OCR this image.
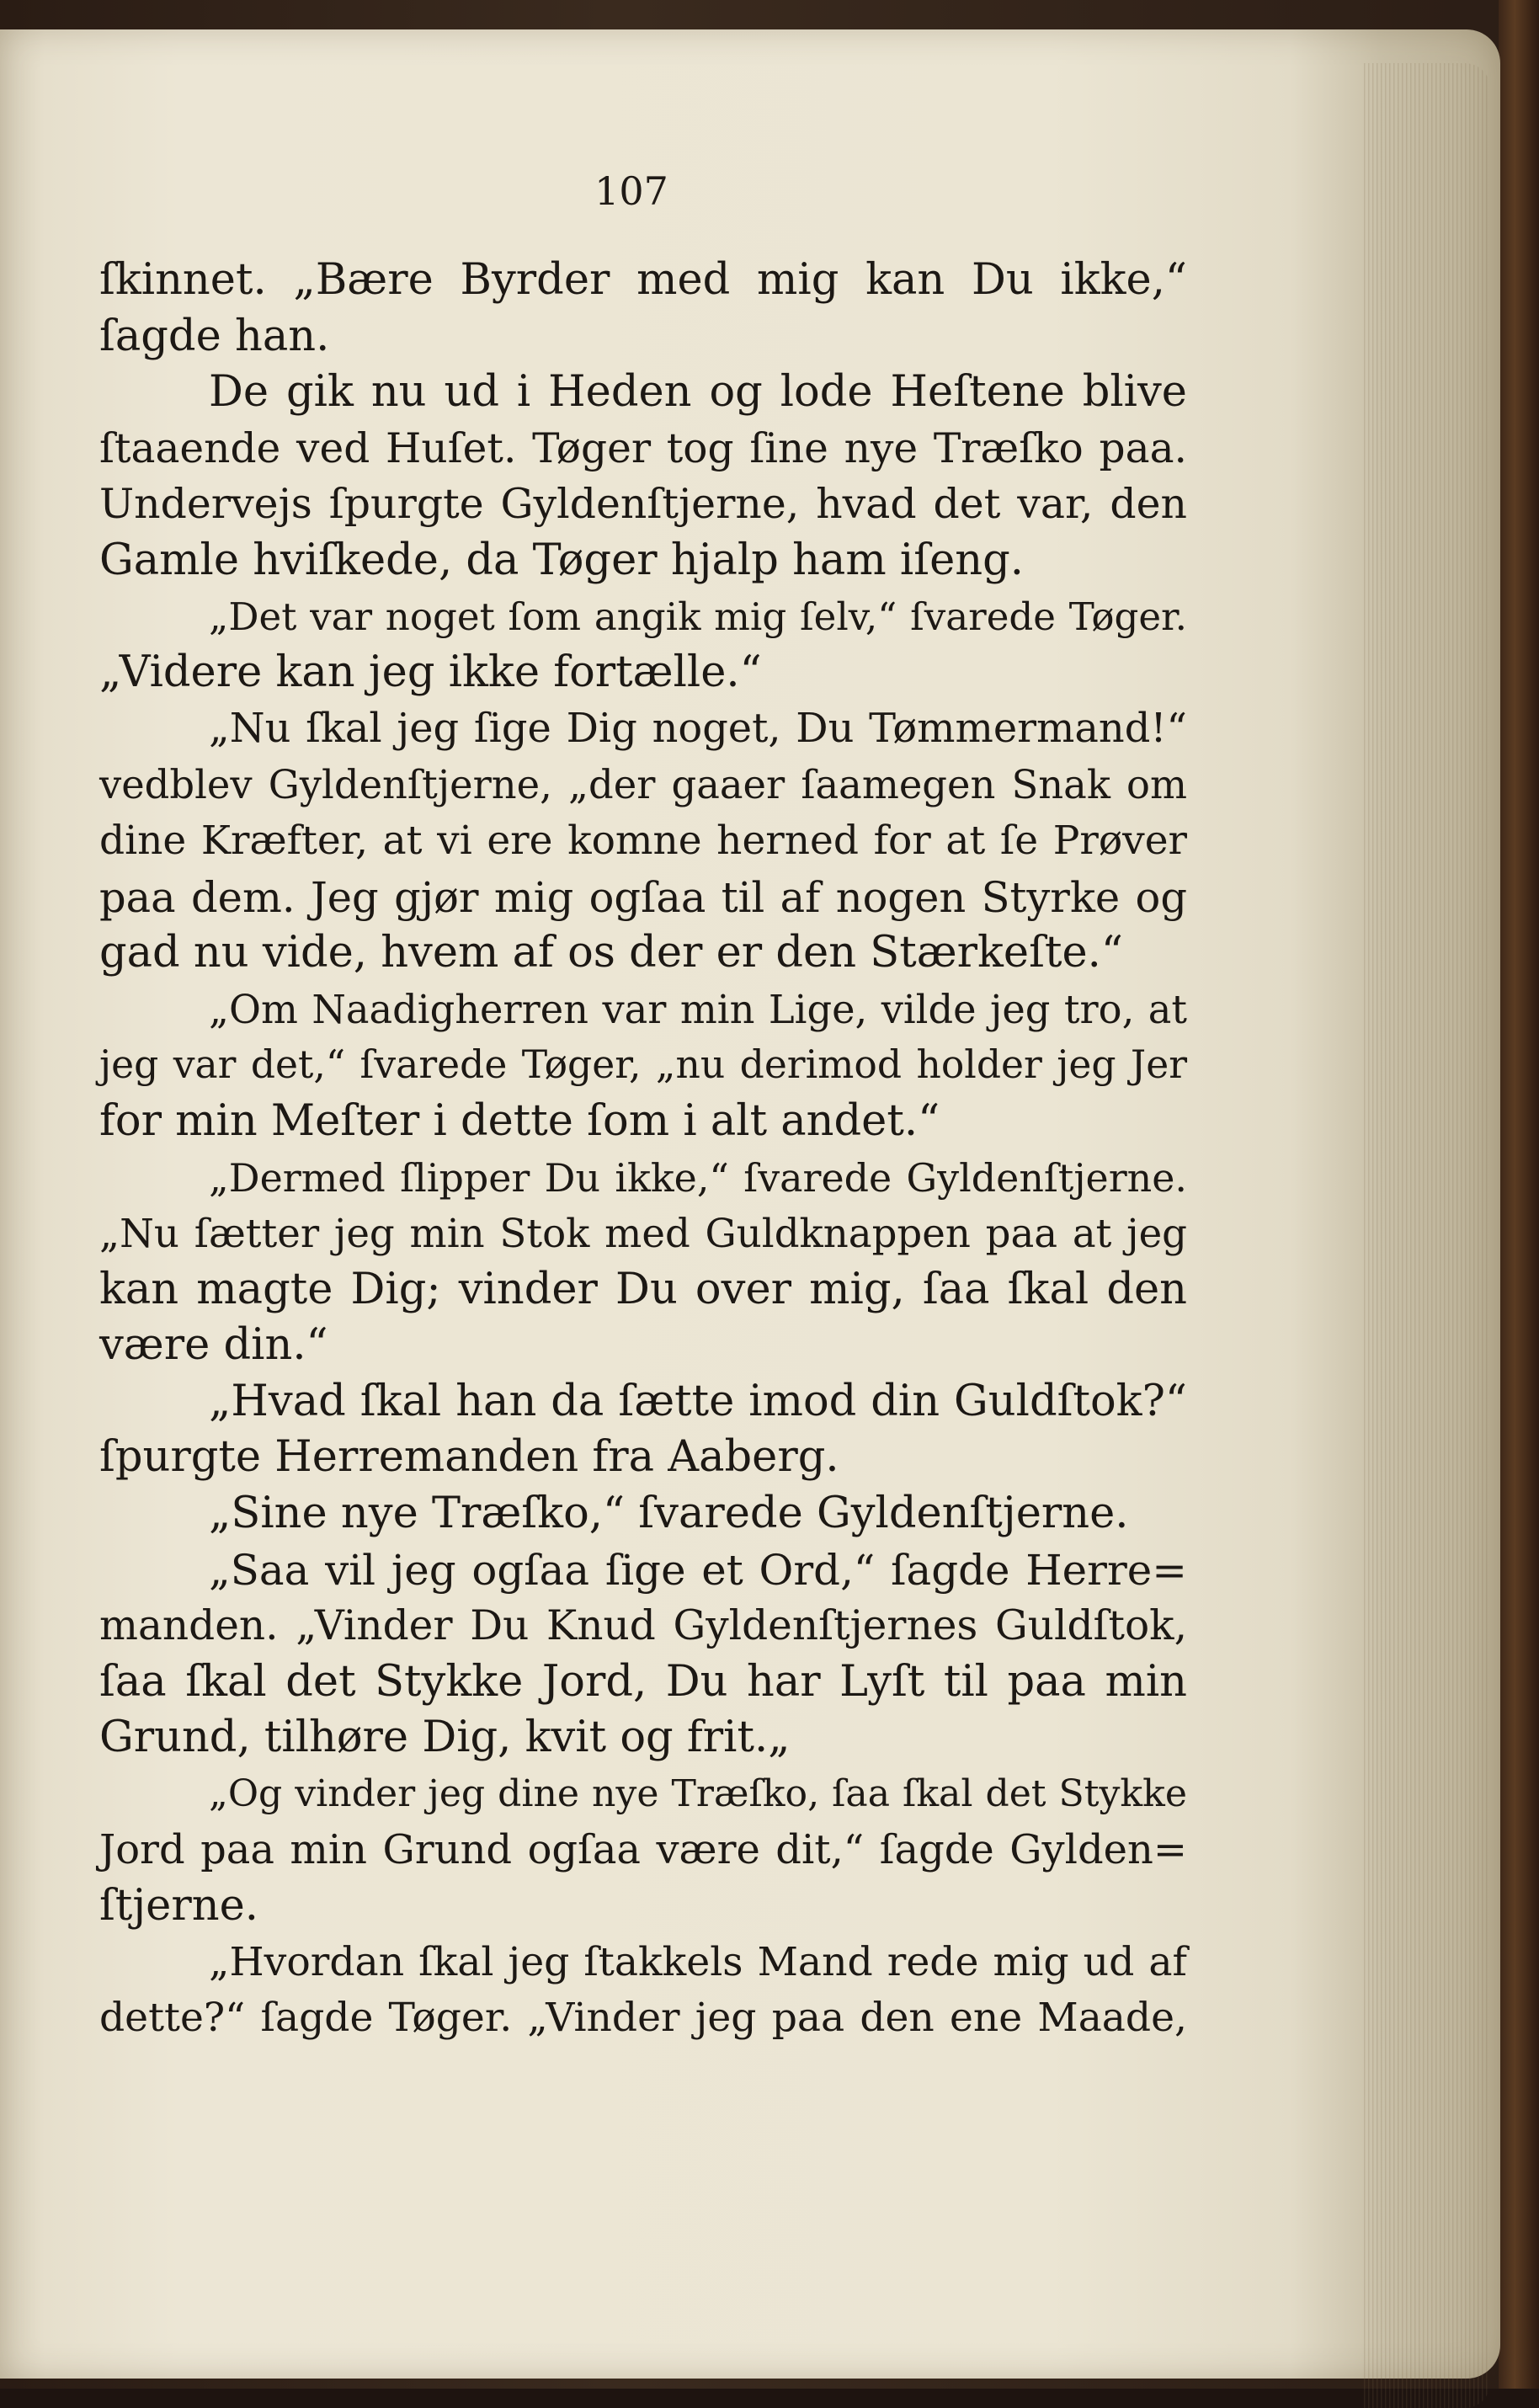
107
ſkinnet. „Bære Byrder med mig kan Du ikke,“
ſagde han.
De gik nu ud i Heden og lode Heſtene blive
ſtaaende ved Huſet. Tøger tog ſine nye Træſko paa.
Undervejs ſpurgte Gyldenſtjerne, hvad det var, den
Gamle hviſkede, da Tøger hjalp ham iſeng.
„Det var noget ſom angik mig ſelv,“ ſvarede Tøger.
„Videre kan jeg ikke fortælle.“
„Nu ſkal jeg ſige Dig noget, Du Tømmermand!“
vedblev Gyldenſtjerne, „der gaaer ſaamegen Snak om
dine Kræfter, at vi ere komne herned for at ſe Prøver
paa dem. Jeg gjør mig ogſaa til af nogen Styrke og
gad nu vide, hvem af os der er den Stærkeſte.“
„Om Naadigherren var min Lige, vilde jeg tro, at
jeg var det,“ ſvarede Tøger, „nu derimod holder jeg Jer
for min Meſter i dette ſom i alt andet.“
„Dermed ſlipper Du ikke,“ ſvarede Gyldenſtjerne.
„Nu ſætter jeg min Stok med Guldknappen paa at jeg
kan magte Dig; vinder Du over mig, ſaa ſkal den
være din.“
„Hvad ſkal han da ſætte imod din Guldſtok?“
ſpurgte Herremanden fra Aaberg.
„Sine nye Træſko,“ ſvarede Gyldenſtjerne.
„Saa vil jeg ogſaa ſige et Ord,“ ſagde Herre=
manden. „Vinder Du Knud Gyldenſtjernes Guldſtok,
ſaa ſkal det Stykke Jord, Du har Lyſt til paa min
Grund, tilhøre Dig, kvit og frit.„
„Og vinder jeg dine nye Træſko, ſaa ſkal det Stykke
Jord paa min Grund ogſaa være dit,“ ſagde Gylden=
ſtjerne.
„Hvordan ſkal jeg ſtakkels Mand rede mig ud af
dette?“ ſagde Tøger. „Vinder jeg paa den ene Maade,
